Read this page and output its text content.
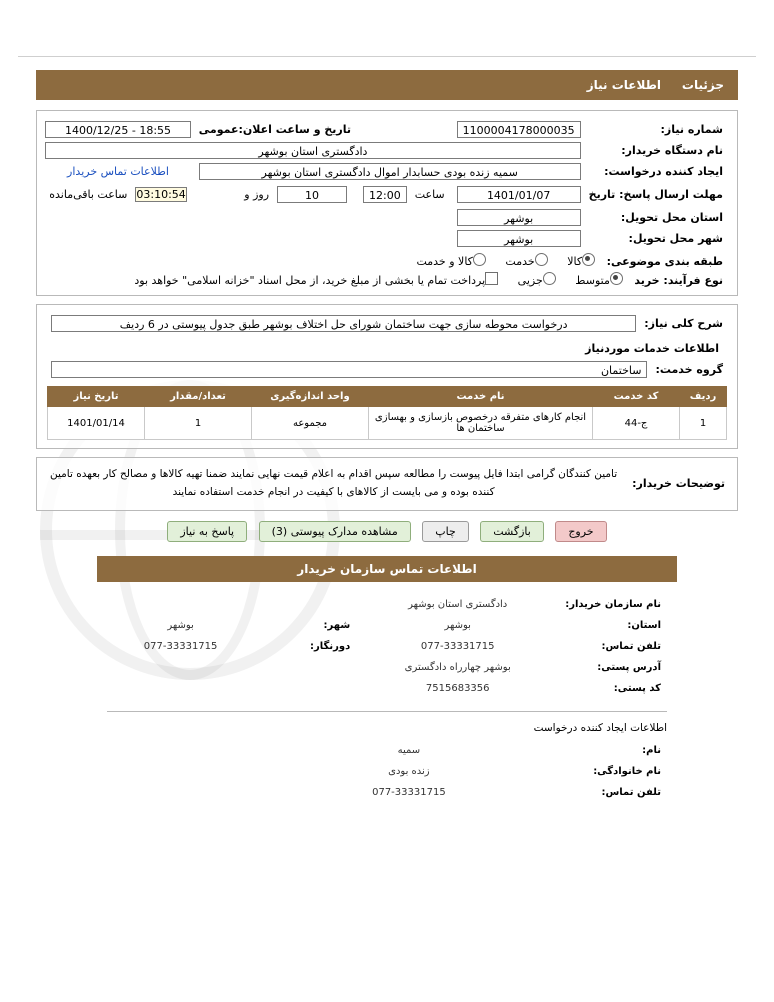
جزئیات     اطلاعات نیاز
شماره نیاز:	
1100004178000035
		تاریخ و ساعت اعلان:عمومی	
1400/12/25 - 18:55

نام دستگاه خریدار:	
دادگستری استان بوشهر

ایجاد کننده درخواست:	
سمیه زنده بودی حسابدار اموال دادگستری استان بوشهر
	اطلاعات تماس خریدار	
مهلت ارسال پاسخ: تاریخ	
1401/01/07

ساعت	
12:00

10
	روز و

03:10:54	ساعت باقی‌مانده

استان محل تحویل:	
بوشهر

شهر محل تحویل:	
بوشهر

طبقه بندی موضوعی: کالا خدمت کالا و خدمت
نوع فرآیند: خرید متوسط جزیی پرداخت تمام یا بخشی از مبلغ خرید، از محل اسناد "خزانه اسلامی" خواهد بود
شرح کلی نیاز:	
درخواست محوطه سازی جهت ساختمان شورای حل اختلاف بوشهر طبق جدول پیوستی در 6 ردیف
اطلاعات خدمات موردنیاز
گروه خدمت:	
ساختمان
ردیف	کد خدمت	نام خدمت	واحد اندازه‌گیری	تعداد/مقدار	تاریخ نیاز
1	ج-44	انجام کارهای متفرقه درخصوص بازسازی و بهسازی ساختمان ها	مجموعه	1	1401/01/14
توضیحات خریدار:	
تامین کنندگان گرامی ابتدا فایل پیوست را مطالعه سپس اقدام به اعلام قیمت نهایی نمایند ضمنا تهیه کالاها و مصالح کار بعهده تامین کننده بوده و می بایست از کالاهای با کیفیت در انجام خدمت استفاده نمایند
خروج بازگشت چاپ مشاهده مدارک پیوستی (3) پاسخ به نیاز
اطلاعات تماس سازمان خریدار
نام سازمان خریدار:	دادگستری استان بوشهر		
استان:	بوشهر	شهر:	بوشهر
تلفن تماس:	077-33331715	دورنگار:	077-33331715
آدرس پستی:	بوشهر چهارراه دادگستری		
کد پستی:	7515683356		
اطلاعات ایجاد کننده درخواست
نام:	سمیه		
نام خانوادگی:	زنده بودی		
تلفن تماس:	077-33331715		
